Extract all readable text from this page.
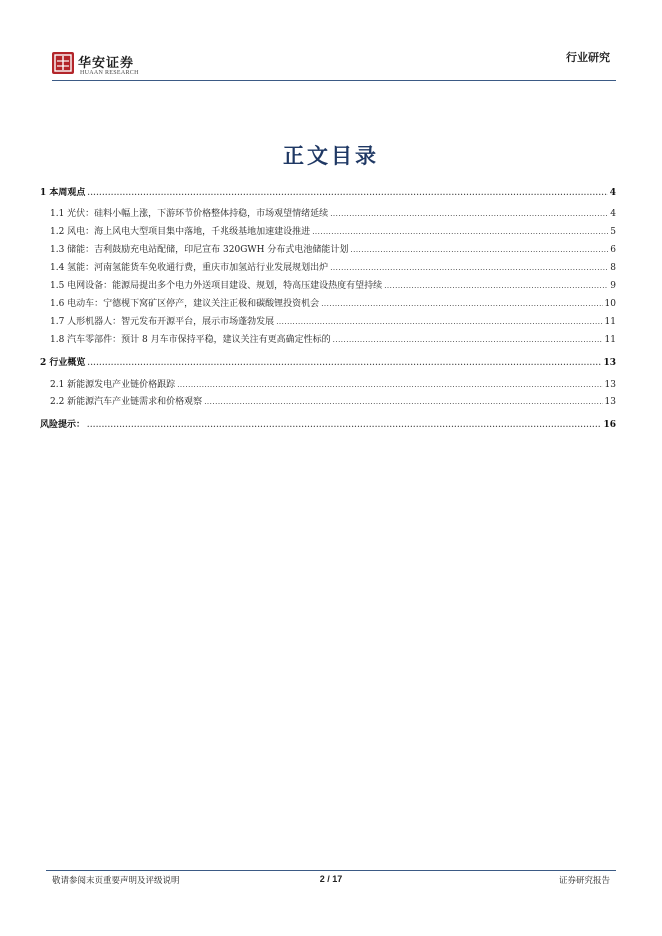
华安证券
HUAAN RESEARCH
行业研究
正文目录
1 本周观点 .....	4
1.1 光伏：硅料小幅上涨，下游环节价格整体持稳，市场观望情绪延续 .....	4
1.2 风电：海上风电大型项目集中落地，千兆级基地加速建设推进 .....	5
1.3 储能：吉利鼓励充电站配储，印尼宣布 320GWH 分布式电池储能计划 .....	6
1.4 氢能：河南氢能货车免收通行费，重庆市加氢站行业发展规划出炉 .....	8
1.5 电网设备：能源局提出多个电力外送项目建设、规划，特高压建设热度有望持续 .....	9
1.6 电动车：宁德枧下窝矿区停产，建议关注正极和碳酸锂投资机会 .....	10
1.7 人形机器人：智元发布开源平台，展示市场蓬勃发展 .....	11
1.8 汽车零部件：预计 8 月车市保持平稳，建议关注有更高确定性标的 .....	11
2 行业概览 .....	13
2.1 新能源发电产业链价格跟踪 .....	13
2.2 新能源汽车产业链需求和价格观察 .....	13
风险提示： .....	16
敬请参阅末页重要声明及评级说明	2 / 17	证券研究报告
